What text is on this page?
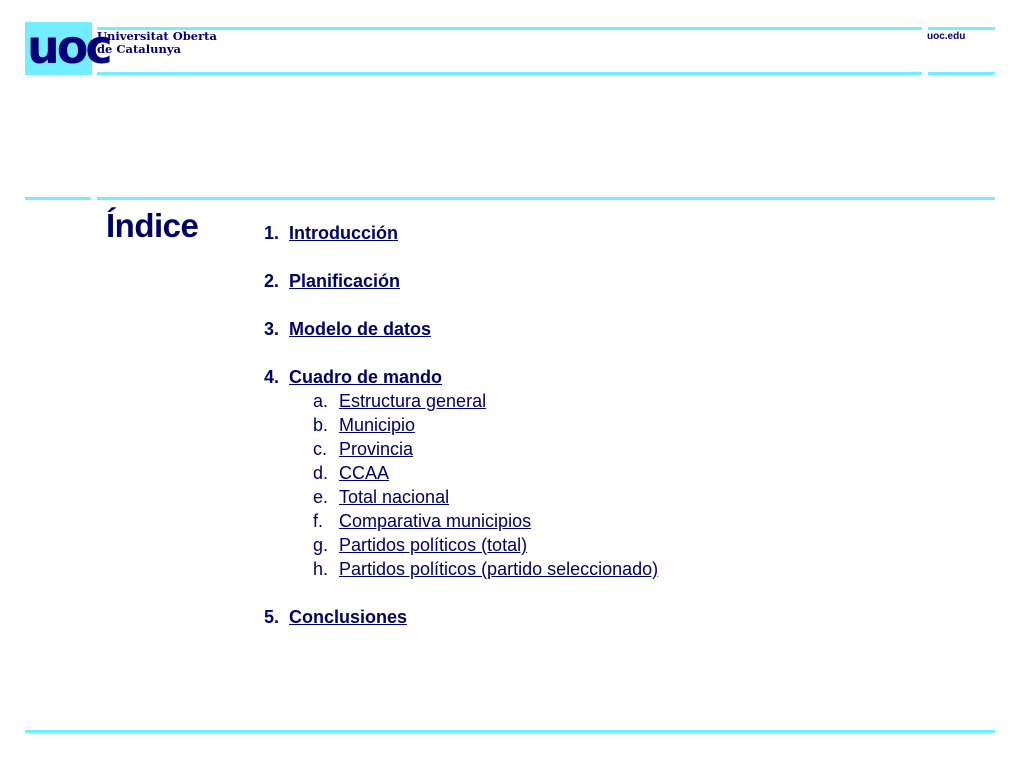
uoc
Universitat Oberta
de Catalunya
uoc.edu
Índice	1. Introducción
2. Planificación
3. Modelo de datos
4. Cuadro de mando
a. Estructura general
b. Municipio
c. Provincia
d. CCAA
e. Total nacional
f. Comparativa municipios
g. Partidos políticos (total)
h. Partidos políticos (partido seleccionado)
5. Conclusiones
